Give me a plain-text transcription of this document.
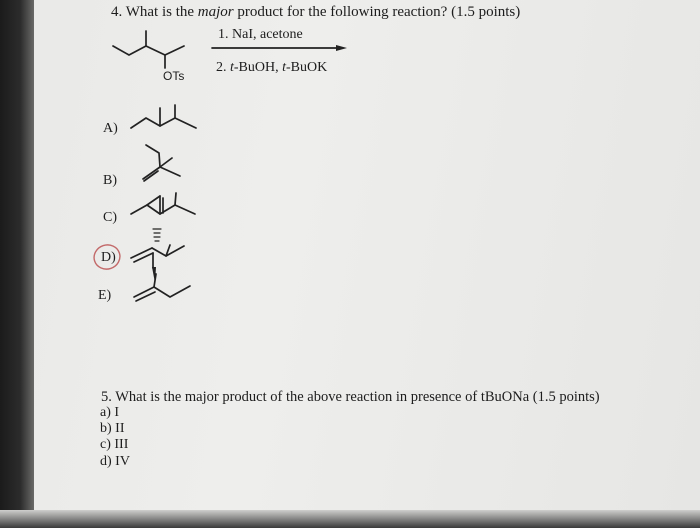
4. What is the major product for the following reaction? (1.5 points)
1. NaI, acetone
2. t-BuOH, t-BuOK
OTs
A)
B)
C)
D)
E)
5. What is the major product of the above reaction in presence of tBuONa (1.5 points)
a) I
b) II
c) III
d) IV
